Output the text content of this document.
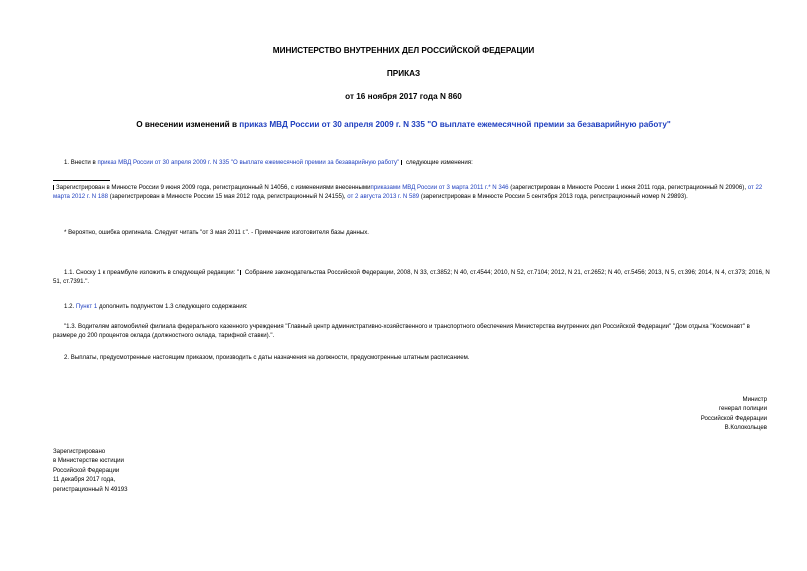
МИНИСТЕРСТВО ВНУТРЕННИХ ДЕЛ РОССИЙСКОЙ ФЕДЕРАЦИИ
ПРИКАЗ
от 16 ноября 2017 года N 860
О внесении изменений в приказ МВД России от 30 апреля 2009 г. N 335 "О выплате ежемесячной премии за безаварийную работу"
1. Внести в приказ МВД России от 30 апреля 2009 г. N 335 "О выплате ежемесячной премии за безаварийную работу" следующие изменения:
Зарегистрирован в Минюсте России 9 июня 2009 года, регистрационный N 14056, с изменениями внесеннымиприказами МВД России от 3 марта 2011 г.* N 346 (зарегистрирован в Минюсте России 1 июня 2011 года, регистрационный N 20906), от 22 марта 2012 г. N 188 (зарегистрирован в Минюсте России 15 мая 2012 года, регистрационный N 24155), от 2 августа 2013 г. N 589 (зарегистрирован в Минюсте России 5 сентября 2013 года, регистрационный номер N 29893).
* Вероятно, ошибка оригинала. Следует читать "от 3 мая 2011 г.". - Примечание изготовителя базы данных.
1.1. Сноску 1 к преамбуле изложить в следующей редакции: " Собрание законодательства Российской Федерации, 2008, N 33, ст.3852; N 40, ст.4544; 2010, N 52, ст.7104; 2012, N 21, ст.2652; N 40, ст.5456; 2013, N 5, ст.396; 2014, N 4, ст.373; 2016, N 51, ст.7391.".
1.2. Пункт 1 дополнить подпунктом 1.3 следующего содержания:
"1.3. Водителям автомобилей филиала федерального казенного учреждения "Главный центр административно-хозяйственного и транспортного обеспечения Министерства внутренних дел Российской Федерации" "Дом отдыха "Космонавт" в размере до 200 процентов оклада (должностного оклада, тарифной ставки).".
2. Выплаты, предусмотренные настоящим приказом, производить с даты назначения на должности, предусмотренные штатным расписанием.
Министр
генерал полиции
Российской Федерации
В.Колокольцев
Зарегистрировано
в Министерстве юстиции
Российской Федерации
11 декабря 2017 года,
регистрационный N 49193
